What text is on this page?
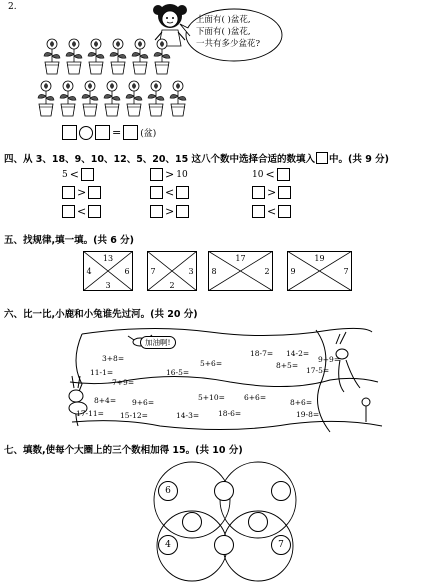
2.
上面有( )盆花,
下面有( )盆花,
一共有多少盆花?
= (盆)
四、从 3、18、9、10、12、5、20、15 这八个数中选择合适的数填入 中。(共 9 分)
5 <	> 10	10 <
>	<	>
<	>	<
五、找规律,填一填。(共 6 分)
13
4	6
3
7	3
2
17
8	2
19
9	7
六、比一比,小鹿和小兔谁先过河。(共 20 分)
加油啊!
3+8=
11-1=
7+9=
16-5=
5+6=
18-7= 14-2=
8+5=
9+9=
17-5=
8+4= 9+6=
5+10=	6+6=
8+6=
17-11= 15-12=	14-3=	18-6=	19-8=
七、填数,使每个大圈上的三个数相加得 15。(共 10 分)
6
4	7
